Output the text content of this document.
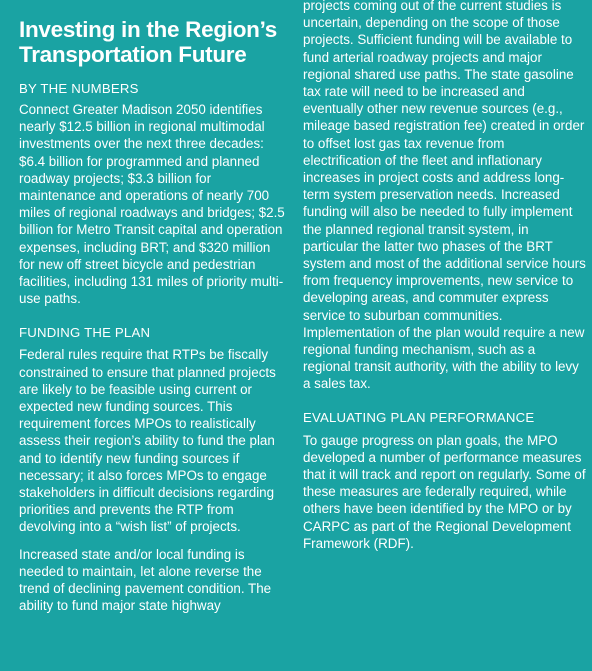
Investing in the Region’s Transportation Future
BY THE NUMBERS

Connect Greater Madison 2050 identifies nearly $12.5 billion in regional multimodal investments over the next three decades: $6.4 billion for programmed and planned roadway projects; $3.3 billion for maintenance and operations of nearly 700 miles of regional roadways and bridges; $2.5 billion for Metro Transit capital and operation expenses, including BRT; and $320 million for new off street bicycle and pedestrian facilities, including 131 miles of priority multi-use paths.

FUNDING THE PLAN

Federal rules require that RTPs be fiscally constrained to ensure that planned projects are likely to be feasible using current or expected new funding sources. This requirement forces MPOs to realistically assess their region’s ability to fund the plan and to identify new funding sources if necessary; it also forces MPOs to engage stakeholders in difficult decisions regarding priorities and prevents the RTP from devolving into a “wish list” of projects.

Increased state and/or local funding is needed to maintain, let alone reverse the trend of declining pavement condition. The ability to fund major state highway

projects coming out of the current studies is uncertain, depending on the scope of those projects. Sufficient funding will be available to fund arterial roadway projects and major regional shared use paths. The state gasoline tax rate will need to be increased and eventually other new revenue sources (e.g., mileage based registration fee) created in order to offset lost gas tax revenue from electrification of the fleet and inflationary increases in project costs and address long-term system preservation needs. Increased funding will also be needed to fully implement the planned regional transit system, in particular the latter two phases of the BRT system and most of the additional service hours from frequency improvements, new service to developing areas, and commuter express service to suburban communities. Implementation of the plan would require a new regional funding mechanism, such as a regional transit authority, with the ability to levy a sales tax.

EVALUATING PLAN PERFORMANCE

To gauge progress on plan goals, the MPO developed a number of performance measures that it will track and report on regularly. Some of these measures are federally required, while others have been identified by the MPO or by CARPC as part of the Regional Development Framework (RDF).
